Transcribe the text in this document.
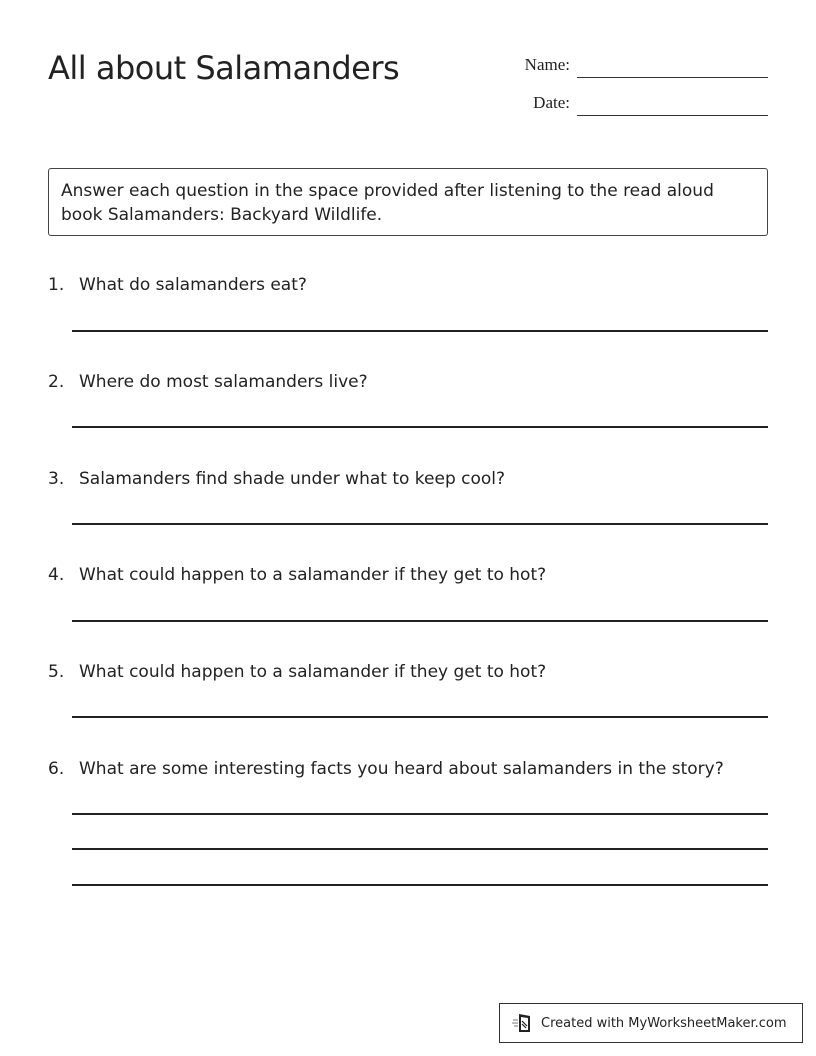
All about Salamanders	Name:
Date:
Answer each question in the space provided after listening to the read aloud book Salamanders: Backyard Wildlife.
1. What do salamanders eat?
2. Where do most salamanders live?
3. Salamanders find shade under what to keep cool?
4. What could happen to a salamander if they get to hot?
5. What could happen to a salamander if they get to hot?
6. What are some interesting facts you heard about salamanders in the story?
Created with MyWorksheetMaker.com
